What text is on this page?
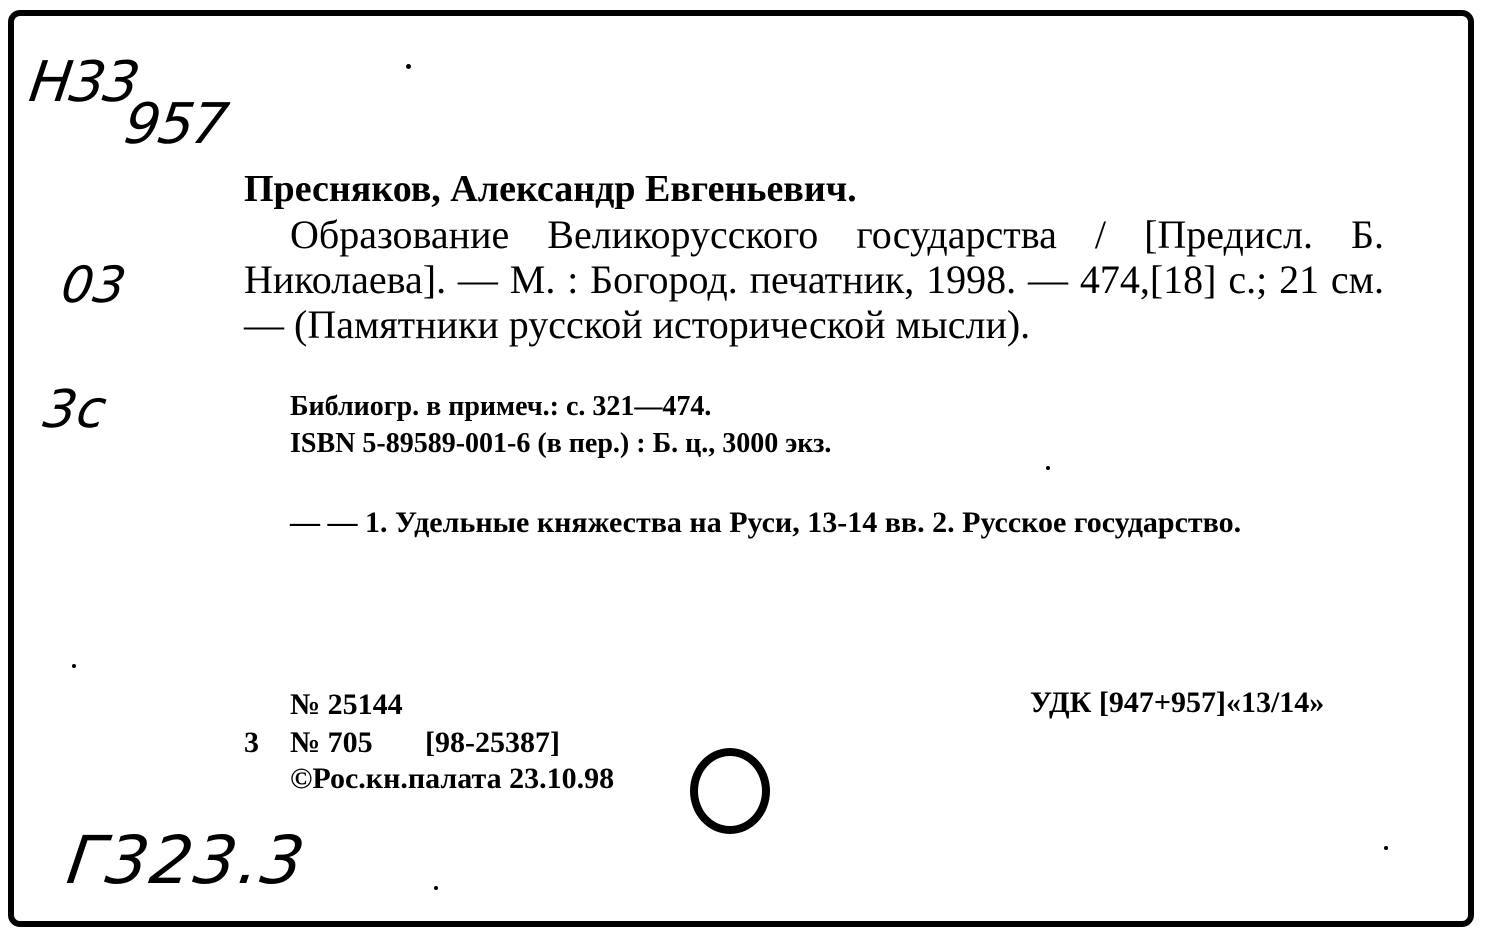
Н33
957
03
3с
Г323.3
Пресняков, Александр Евгеньевич.
Образование Великорусского государства / [Предисл. Б. Николаева]. — М. : Богород. печатник, 1998. — 474,[18] с.; 21 см. — (Памятники русской исторической мысли).
Библиогр. в примеч.: с. 321—474.
ISBN 5-89589-001-6 (в пер.) : Б. ц., 3000 экз.
— — 1. Удельные княжества на Руси, 13-14 вв. 2. Русское государство.
№ 25144	УДК [947+957]«13/14»
3 № 705 [98-25387]
©Рос.кн.палата 23.10.98
